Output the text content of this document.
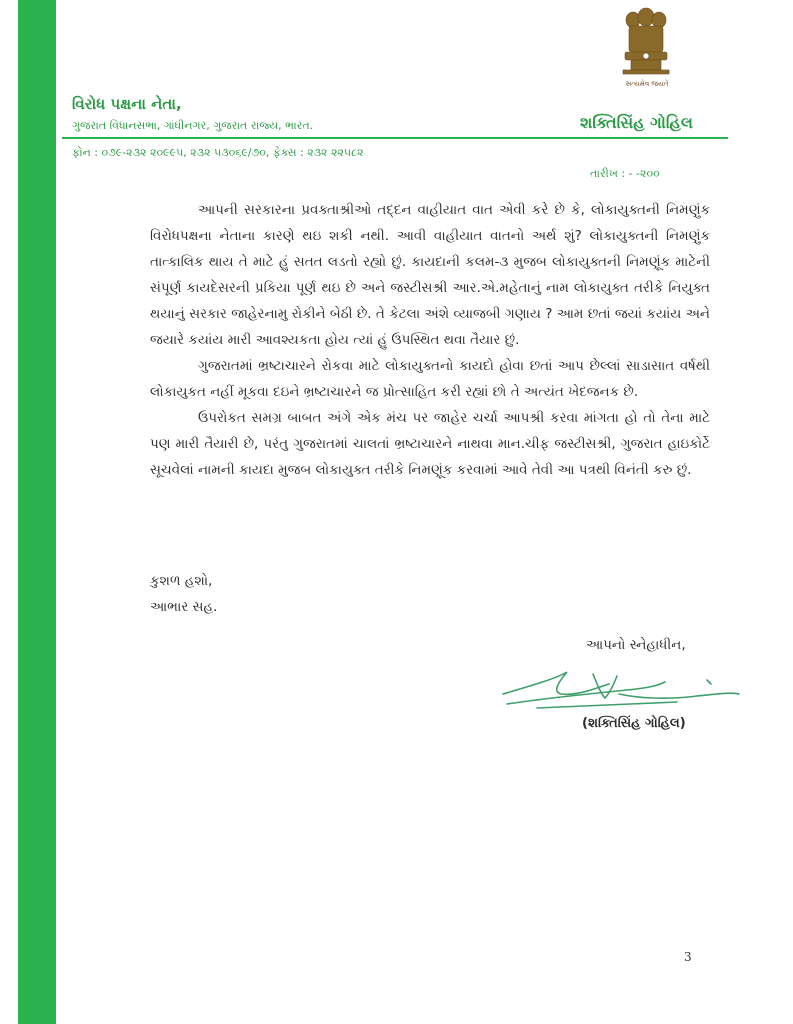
સત્યમેવ જયતે
વિરોધ પક્ષના નેતા,
ગુજરાત વિધાનસભા, ગાંધીનગર, ગુજરાત રાજ્ય, ભારત.	શક્તિસિંહ ગોહિલ
ફોન : ૦૭૯-૨૩૨ ૨૦૯૯૫, ૨૩૨ ૫૩૦૬૯/૭૦, ફેક્સ : ૨૩૨ ૨૨૫૮૨
તારીખ : - -૨૦૦

આપની સરકારના પ્રવક્તાશ્રીઓ તદ્દન વાહીયાત વાત એવી કરે છે કે, લોકાયુક્તની નિમણુંક વિરોધપક્ષના નેતાના કારણે થઇ શકી નથી. આવી વાહીયાત વાતનો અર્થ શું? લોકાયુક્તની નિમણુંક તાત્કાલિક થાય તે માટે હું સતત લડતો રહ્યો છું. કાયદાની કલમ-૩ મુજબ લોકાયુક્તની નિમણૂંક માટેની સંપૂર્ણ કાયદેસરની પ્રકિયા પૂર્ણ થઇ છે અને જસ્ટીસશ્રી આર.એ.મહેતાનું નામ લોકાયુક્ત તરીકે નિયુક્ત થયાનું સરકાર જાહેરનામુ રોકીને બેઠી છે. તે કેટલા અંશે વ્યાજબી ગણાય ? આમ છતાં જયાં કયાંય અને જયારે કયાંય મારી આવશ્યકતા હોય ત્યાં હું ઉપસ્થિત થવા તૈયાર છું.

ગુજરાતમાં ભ્રષ્ટાચારને રોકવા માટે લોકાયુક્તનો કાયદો હોવા છતાં આપ છેલ્લાં સાડાસાત વર્ષથી લોકાયુકત નહીં મૂકવા દઇને ભ્રષ્ટાચારને જ પ્રોત્સાહિત કરી રહ્યાં છો તે અત્યંત ખેદજનક છે.

ઉપરોકત સમગ્ર બાબત અંગે એક મંચ પર જાહેર ચર્ચા આપશ્રી કરવા માંગતા હો તો તેના માટે પણ મારી તૈયારી છે, પરંતુ ગુજરાતમાં ચાલતાં ભ્રષ્ટાચારને નાથવા માન.ચીફ જસ્ટીસશ્રી, ગુજરાત હાઇકોર્ટે સૂચવેલાં નામની કાયદા મુજબ લોકાયુક્ત તરીકે નિમણૂંક કરવામાં આવે તેવી આ પત્રથી વિનંતી કરુ છું.

કુશળ હશો,
આભાર સહ.
આપનો સ્નેહાધીન,
(શક્તિસિંહ ગોહિલ)
3
